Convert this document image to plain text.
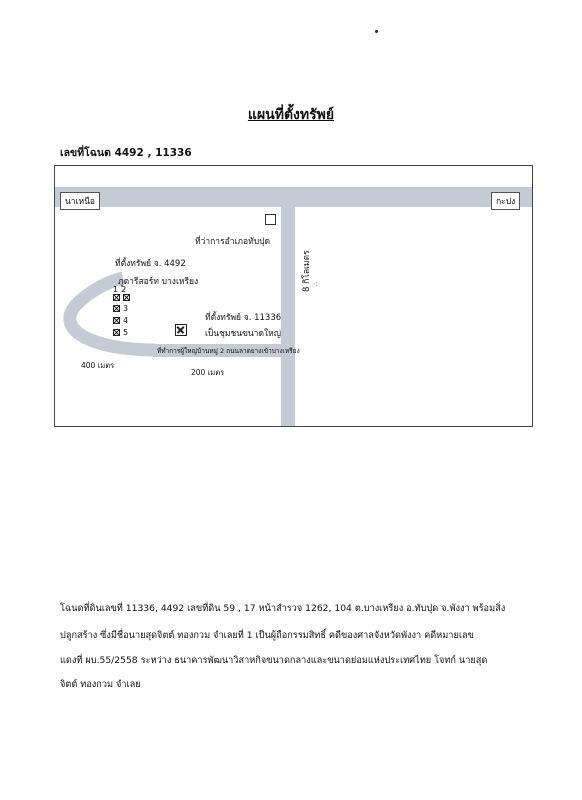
แผนที่ตั้งทรัพย์
เลขที่โฉนด 4492 , 11336
นาเหนือ	กะปง
ที่ว่าการอำเภอทับปุด
8 กิโลเมตร ·:
ที่ตั้งทรัพย์ จ. 4492
ภูดารีสอร์ท บางเหรียง
1 2
3
4
5
ที่ตั้งทรัพย์ จ. 11336
เป็นชุมชนขนาดใหญ่
ที่ทำการผู้ใหญ่บ้านหมู่ 2 ถนนลาดยางเข้าบางเหรียง
400 เมตร
200 เมตร
โฉนดที่ดินเลขที่ 11336, 4492 เลขที่ดิน 59 , 17 หน้าสำรวจ 1262, 104 ต.บางเหรียง อ.ทับปุด จ.พังงา พร้อมสิ่ง
ปลูกสร้าง ซึ่งมีชื่อนายสุดจิตต์ ทองกวม จำเลยที่ 1 เป็นผู้ถือกรรมสิทธิ์ คดีของศาลจังหวัดพังงา คดีหมายเลข
แดงที่ ผบ.55/2558 ระหว่าง ธนาคารพัฒนาวิสาหกิจขนาดกลางและขนาดย่อมแห่งประเทศไทย โจทก์ นายสุด
จิตต์ ทองกวม จำเลย
